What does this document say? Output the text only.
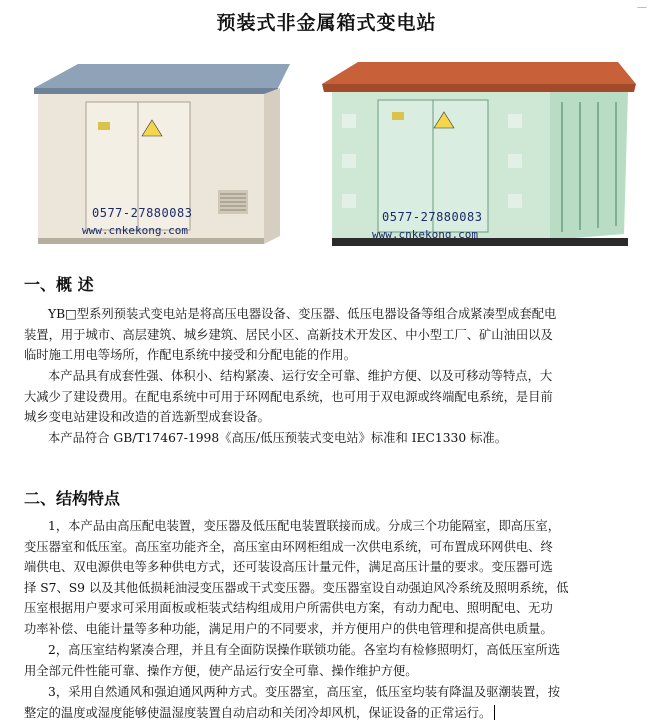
预装式非金属箱式变电站
0577-27880083
www.cnkekong.com
0577-27880083
www.cnkekong.com
一、概 述
YB□型系列预装式变电站是将高压电器设备、变压器、低压电器设备等组合成紧凑型成套配电
装置，用于城市、高层建筑、城乡建筑、居民小区、高新技术开发区、中小型工厂、矿山油田以及
临时施工用电等场所，作配电系统中接受和分配电能的作用。
本产品具有成套性强、体积小、结构紧凑、运行安全可靠、维护方便、以及可移动等特点，大
大减少了建设费用。在配电系统中可用于环网配电系统，也可用于双电源或终端配电系统，是目前
城乡变电站建设和改造的首选新型成套设备。
本产品符合 GB/T17467-1998《高压/低压预装式变电站》标准和 IEC1330 标准。
二、结构特点
1，本产品由高压配电装置，变压器及低压配电装置联接而成。分成三个功能隔室，即高压室，
变压器室和低压室。高压室功能齐全，高压室由环网柜组成一次供电系统，可布置成环网供电、终
端供电、双电源供电等多种供电方式，还可装设高压计量元件，满足高压计量的要求。变压器可选
择 S7、S9 以及其他低损耗油浸变压器或干式变压器。变压器室设自动强迫风冷系统及照明系统，低
压室根据用户要求可采用面板或柜装式结构组成用户所需供电方案，有动力配电、照明配电、无功
功率补偿、电能计量等多种功能，满足用户的不同要求，并方便用户的供电管理和提高供电质量。
2，高压室结构紧凑合理，并且有全面防误操作联锁功能。各室均有检修照明灯，高低压室所选
用全部元件性能可靠、操作方便，使产品运行安全可靠、操作维护方便。
3，采用自然通风和强迫通风两种方式。变压器室，高压室，低压室均装有降温及驱潮装置，按
整定的温度或湿度能够使温湿度装置自动启动和关闭冷却风机，保证设备的正常运行。
—
